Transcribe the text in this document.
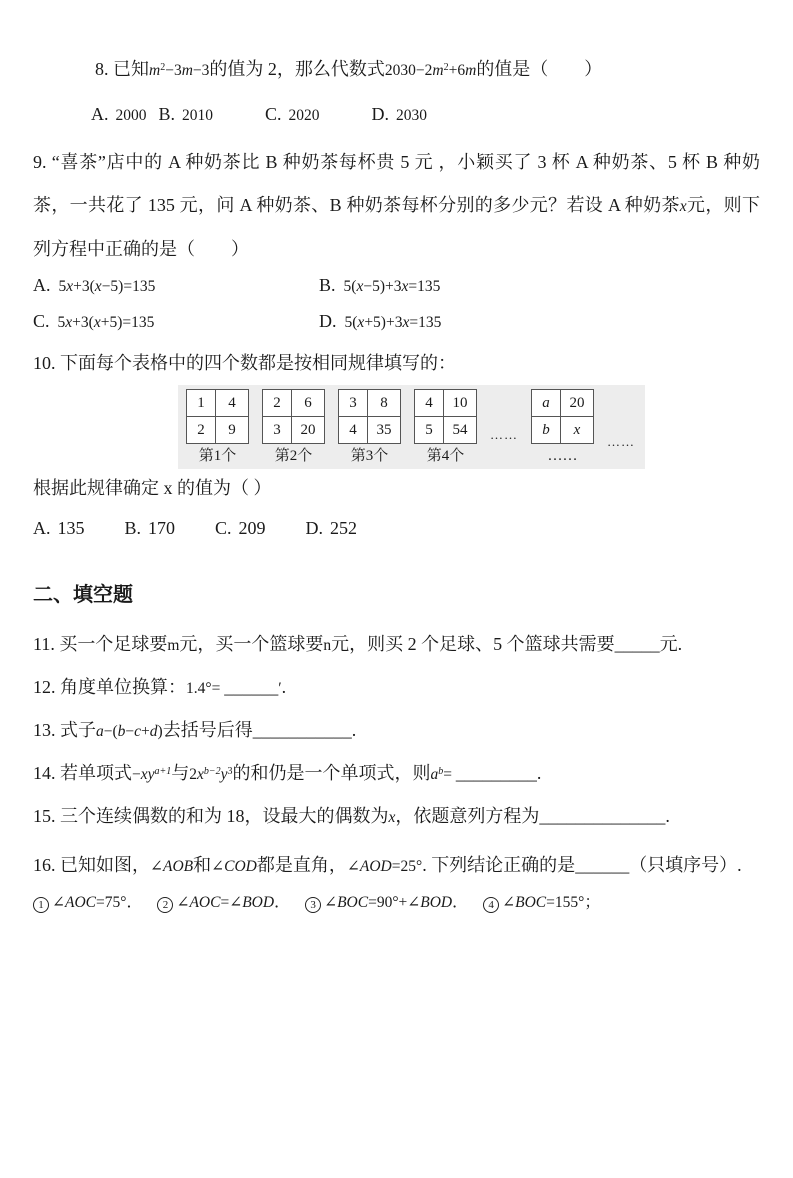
8. 已知$m^2-3m-3$的值为 2，那么代数式$2030-2m^2+6m$的值是（　　）

A. 2000 B. 2010	C. 2020	D. 2030

9. “喜茶”店中的 A 种奶茶比 B 种奶茶每杯贵 5 元 ，小颖买了 3 杯 A 种奶茶、5 杯 B 种奶茶，一共花了 135 元，问 A 种奶茶、B 种奶茶每杯分别的多少元？若设 A 种奶茶x元，则下列方程中正确的是（　　）

A. 5x+3(x−5)=135	B. 5(x−5)+3x=135
C. 5x+3(x+5)=135	D. 5(x+5)+3x=135

10. 下面每个表格中的四个数都是按相同规律填写的：

1	4
2	9
第1个
2	6
3	20
第2个
3	8
4	35
第3个
4	10
5	54
第4个
……
a	20
b	x
……
……

根据此规律确定 x 的值为（ ）

A. 135 B. 170 C. 209 D. 252
二、填空题

11. 买一个足球要m元，买一个篮球要n元，则买 2 个足球、5 个篮球共需要_____元.

12. 角度单位换算：1.4°= ______′.

13. 式子a−(b−c+d)去括号后得___________.

14. 若单项式$-xy^{a+1}$与$2x^{b-2}y^3$的和仍是一个单项式，则$a^b=$ _________.

15. 三个连续偶数的和为 18，设最大的偶数为x，依题意列方程为______________.

16. 已知如图，∠AOB和∠COD都是直角，∠AOD=25°. 下列结论正确的是______（只填序号）.

1 ∠AOC=75°．	2 ∠AOC=∠BOD．	3 ∠BOC=90°+∠BOD．	4 ∠BOC=155°；
